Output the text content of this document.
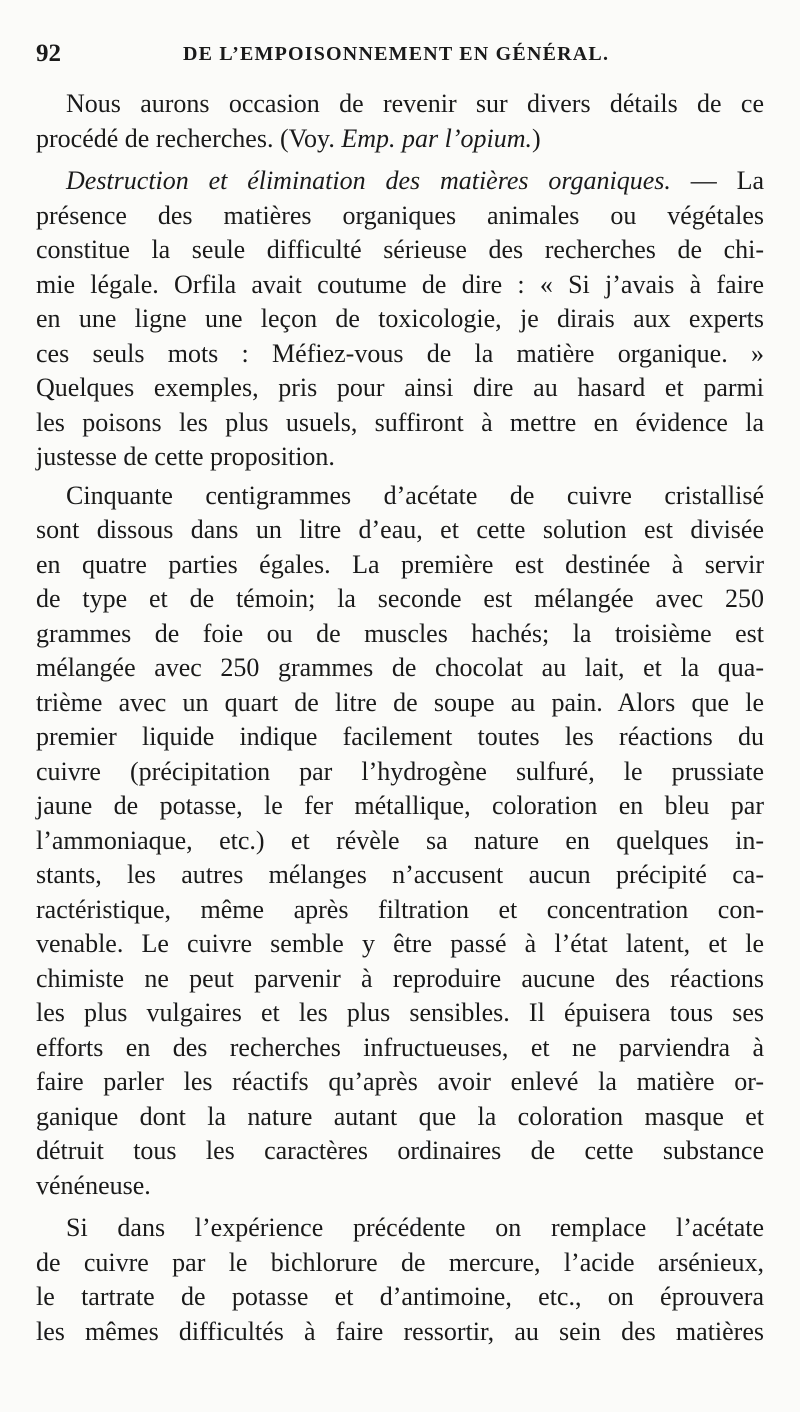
92	DE L’EMPOISONNEMENT EN GÉNÉRAL.
Nous aurons occasion de revenir sur divers détails de ce
procédé de recherches. (Voy. Emp. par l’opium.)
Destruction et élimination des matières organiques. — La
présence des matières organiques animales ou végétales
constitue la seule difficulté sérieuse des recherches de chi-
mie légale. Orfila avait coutume de dire : « Si j’avais à faire
en une ligne une leçon de toxicologie, je dirais aux experts
ces seuls mots : Méfiez-vous de la matière organique. »
Quelques exemples, pris pour ainsi dire au hasard et parmi
les poisons les plus usuels, suffiront à mettre en évidence la
justesse de cette proposition.
Cinquante centigrammes d’acétate de cuivre cristallisé
sont dissous dans un litre d’eau, et cette solution est divisée
en quatre parties égales. La première est destinée à servir
de type et de témoin; la seconde est mélangée avec 250
grammes de foie ou de muscles hachés; la troisième est
mélangée avec 250 grammes de chocolat au lait, et la qua-
trième avec un quart de litre de soupe au pain. Alors que le
premier liquide indique facilement toutes les réactions du
cuivre (précipitation par l’hydrogène sulfuré, le prussiate
jaune de potasse, le fer métallique, coloration en bleu par
l’ammoniaque, etc.) et révèle sa nature en quelques in-
stants, les autres mélanges n’accusent aucun précipité ca-
ractéristique, même après filtration et concentration con-
venable. Le cuivre semble y être passé à l’état latent, et le
chimiste ne peut parvenir à reproduire aucune des réactions
les plus vulgaires et les plus sensibles. Il épuisera tous ses
efforts en des recherches infructueuses, et ne parviendra à
faire parler les réactifs qu’après avoir enlevé la matière or-
ganique dont la nature autant que la coloration masque et
détruit tous les caractères ordinaires de cette substance
vénéneuse.
Si dans l’expérience précédente on remplace l’acétate
de cuivre par le bichlorure de mercure, l’acide arsénieux,
le tartrate de potasse et d’antimoine, etc., on éprouvera
les mêmes difficultés à faire ressortir, au sein des matières
